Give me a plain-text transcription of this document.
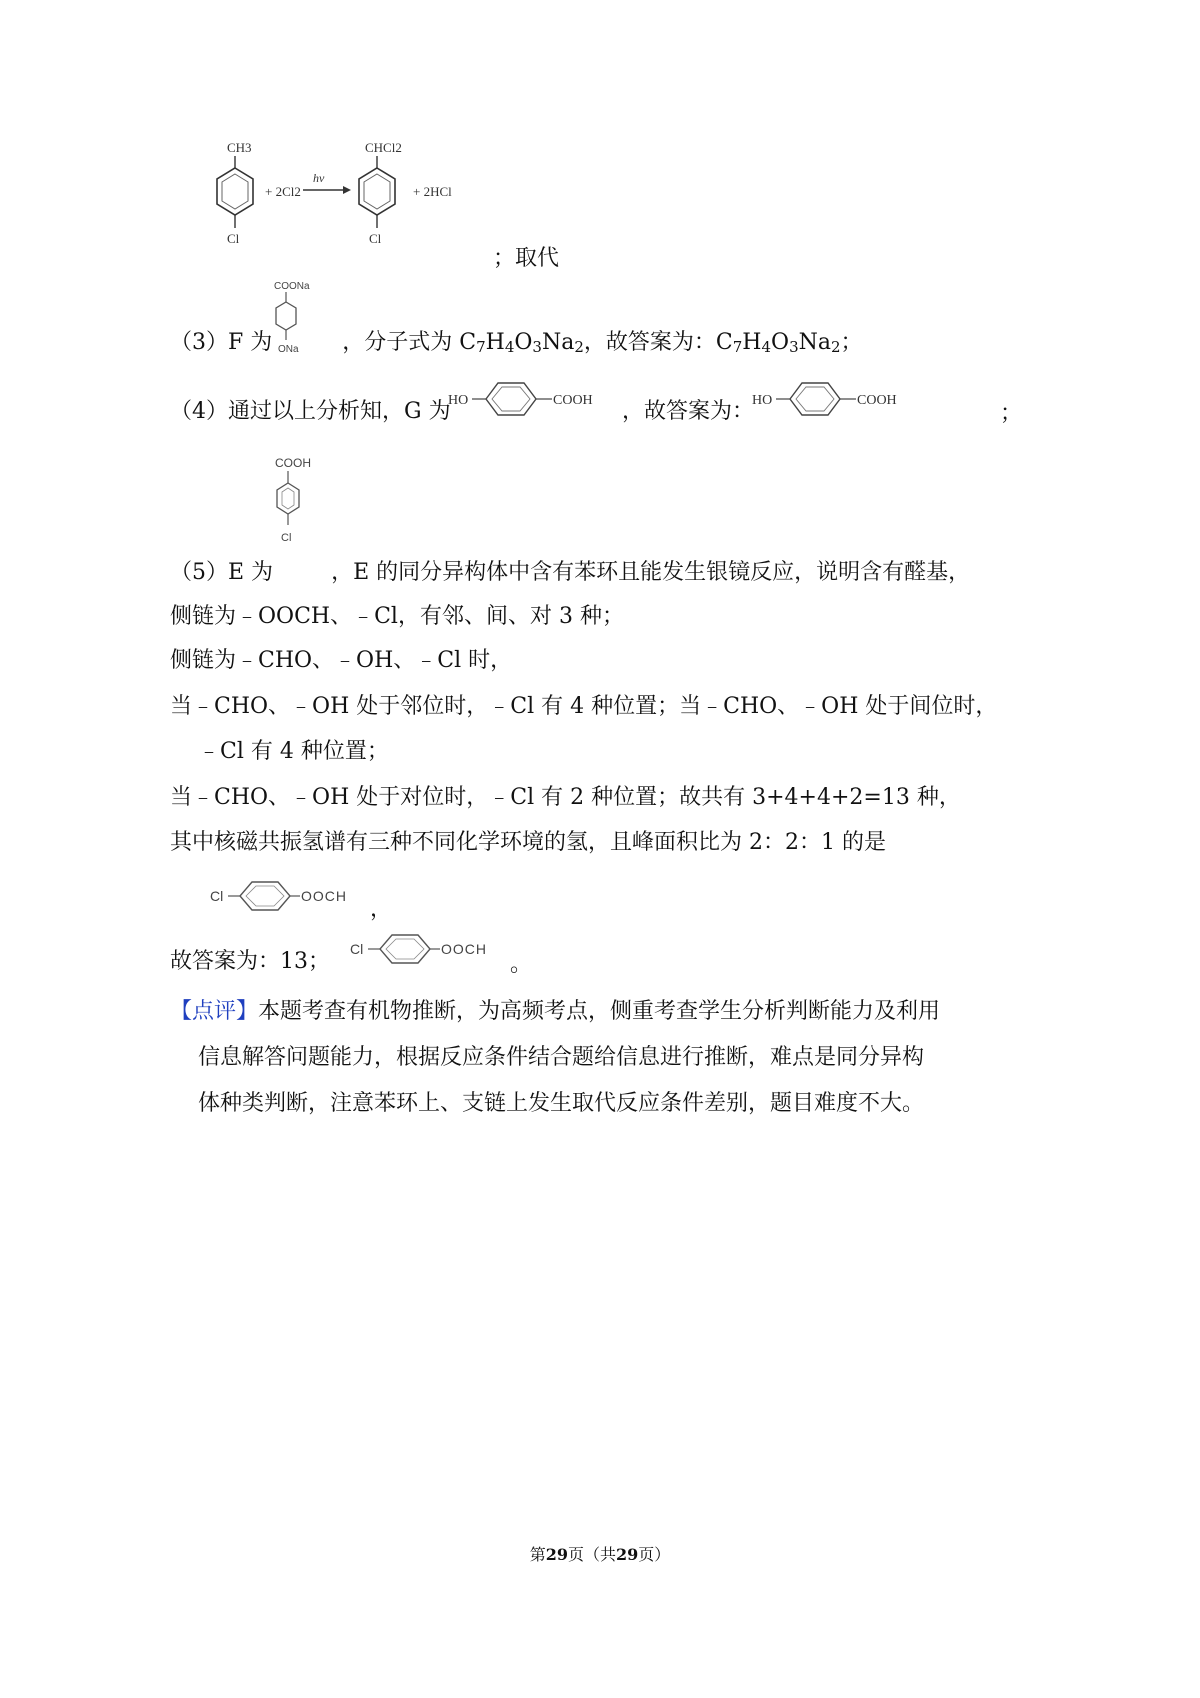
CH3
Cl
+ 2Cl2
hv
CHCl2
Cl
+ 2HCl
；取代
COONa
ONa
（3）F 为	，分子式为 $C_7H_4O_3Na_2$，故答案为：$C_7H_4O_3Na_2$；
（4）通过以上分析知，G 为
HO	COOH ，故答案为：
HO	COOH
；
COOH
Cl
（5）E 为	，E 的同分异构体中含有苯环且能发生银镜反应，说明含有醛基，
侧链为﹣OOCH、﹣Cl，有邻、间、对 3 种；
侧链为﹣CHO、﹣OH、﹣Cl 时，
当﹣CHO、﹣OH 处于邻位时，﹣Cl 有 4 种位置；当﹣CHO、﹣OH 处于间位时，
﹣Cl 有 4 种位置；
当﹣CHO、﹣OH 处于对位时，﹣Cl 有 2 种位置；故共有 3+4+4+2=13 种，
其中核磁共振氢谱有三种不同化学环境的氢，且峰面积比为 2：2：1 的是
Cl	OOCH
，
故答案为：13； Cl	OOCH
。
【点评】本题考查有机物推断，为高频考点，侧重考查学生分析判断能力及利用
信息解答问题能力，根据反应条件结合题给信息进行推断，难点是同分异构
体种类判断，注意苯环上、支链上发生取代反应条件差别，题目难度不大。
第29页（共29页）
